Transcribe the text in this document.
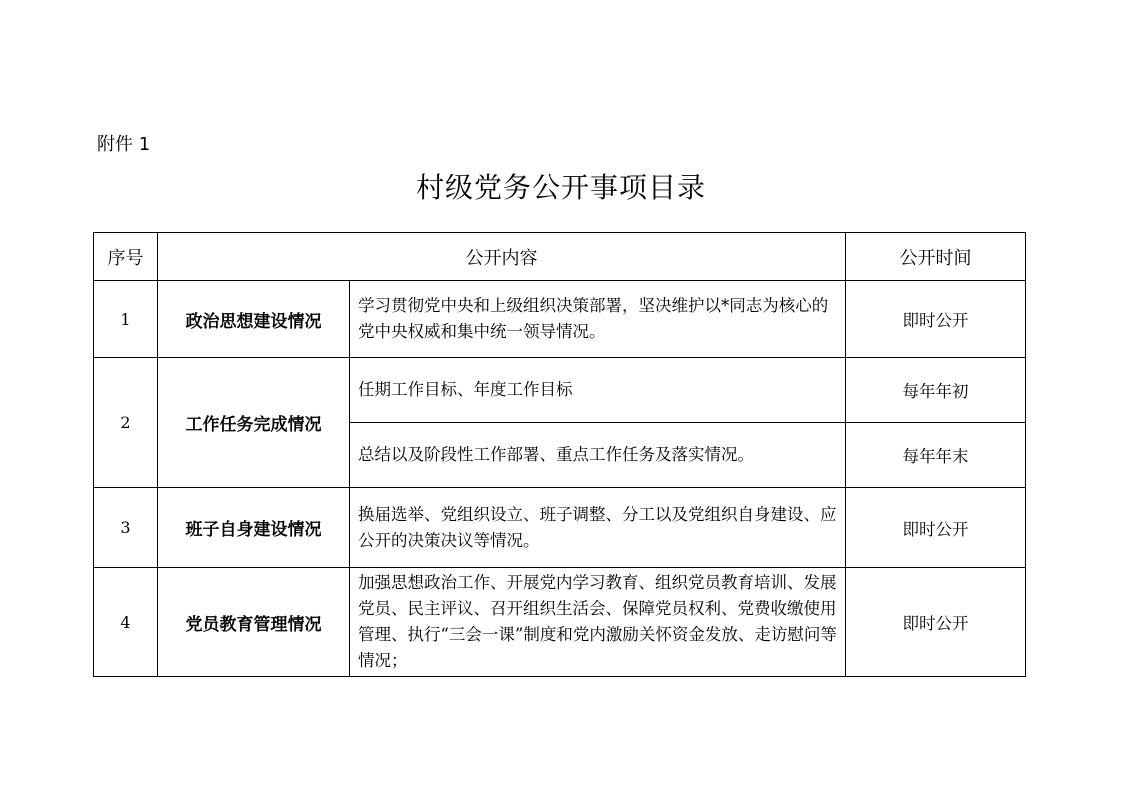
附件 1
村级党务公开事项目录
序号	公开内容		公开时间
1	政治思想建设情况	学习贯彻党中央和上级组织决策部署，坚决维护以*同志为核心的党中央权威和集中统一领导情况。	即时公开
2	工作任务完成情况	任期工作目标、年度工作目标	每年年初
		总结以及阶段性工作部署、重点工作任务及落实情况。	每年年末
3	班子自身建设情况	换届选举、党组织设立、班子调整、分工以及党组织自身建设、应公开的决策决议等情况。	即时公开
4	党员教育管理情况	加强思想政治工作、开展党内学习教育、组织党员教育培训、发展党员、民主评议、召开组织生活会、保障党员权利、党费收缴使用管理、执行“三会一课”制度和党内激励关怀资金发放、走访慰问等情况；	即时公开
